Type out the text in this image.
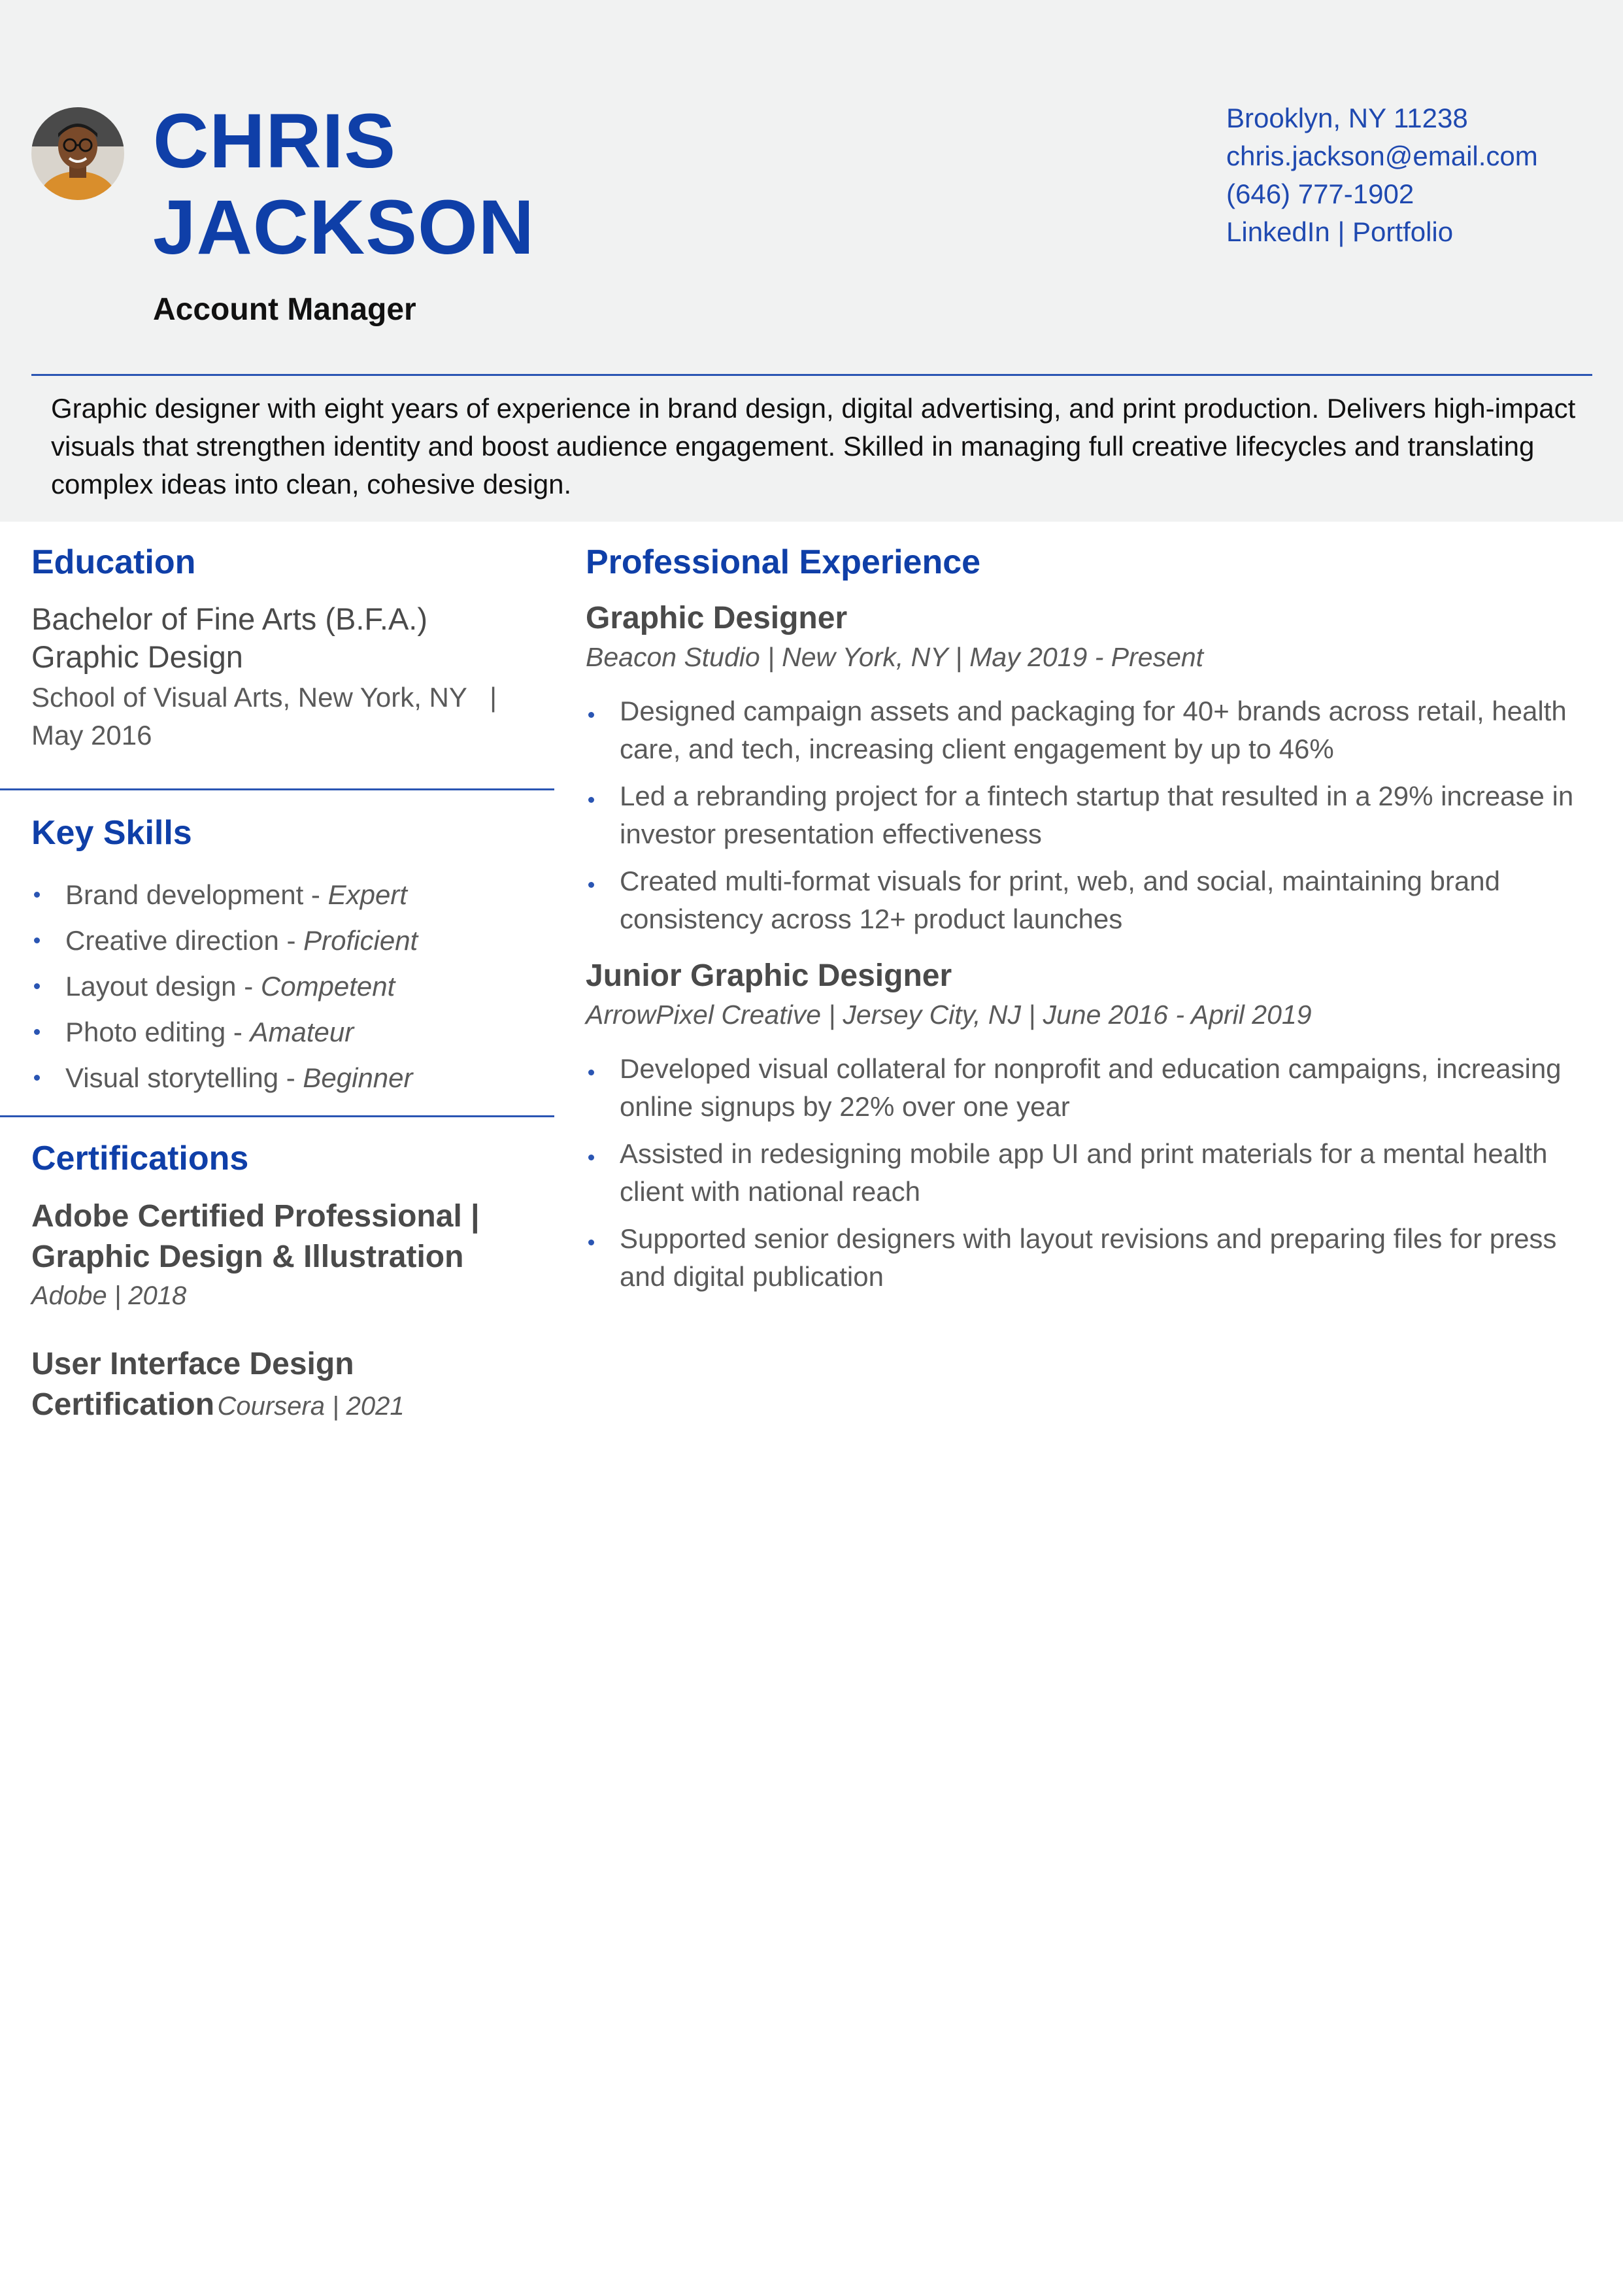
CHRIS
JACKSON
Account Manager
Brooklyn, NY 11238
chris.jackson@email.com
(646) 777-1902
LinkedIn | Portfolio
Graphic designer with eight years of experience in brand design, digital advertising, and print production. Delivers high-impact visuals that strengthen identity and boost audience engagement. Skilled in managing full creative lifecycles and translating complex ideas into clean, cohesive design.
Education
Bachelor of Fine Arts (B.F.A.) Graphic Design
School of Visual Arts, New York, NY   |   May 2016
Key Skills
Brand development - Expert
Creative direction - Proficient
Layout design - Competent
Photo editing - Amateur
Visual storytelling - Beginner
Certifications
Adobe Certified Professional | Graphic Design & Illustration
Adobe | 2018
User Interface Design Certification Coursera | 2021
Professional Experience
Graphic Designer
Beacon Studio | New York, NY | May 2019 - Present
Designed campaign assets and packaging for 40+ brands across retail, health care, and tech, increasing client engagement by up to 46%
Led a rebranding project for a fintech startup that resulted in a 29% increase in investor presentation effectiveness
Created multi-format visuals for print, web, and social, maintaining brand consistency across 12+ product launches
Junior Graphic Designer
ArrowPixel Creative | Jersey City, NJ | June 2016 - April 2019
Developed visual collateral for nonprofit and education campaigns, increasing online signups by 22% over one year
Assisted in redesigning mobile app UI and print materials for a mental health client with national reach
Supported senior designers with layout revisions and preparing files for press and digital publication
